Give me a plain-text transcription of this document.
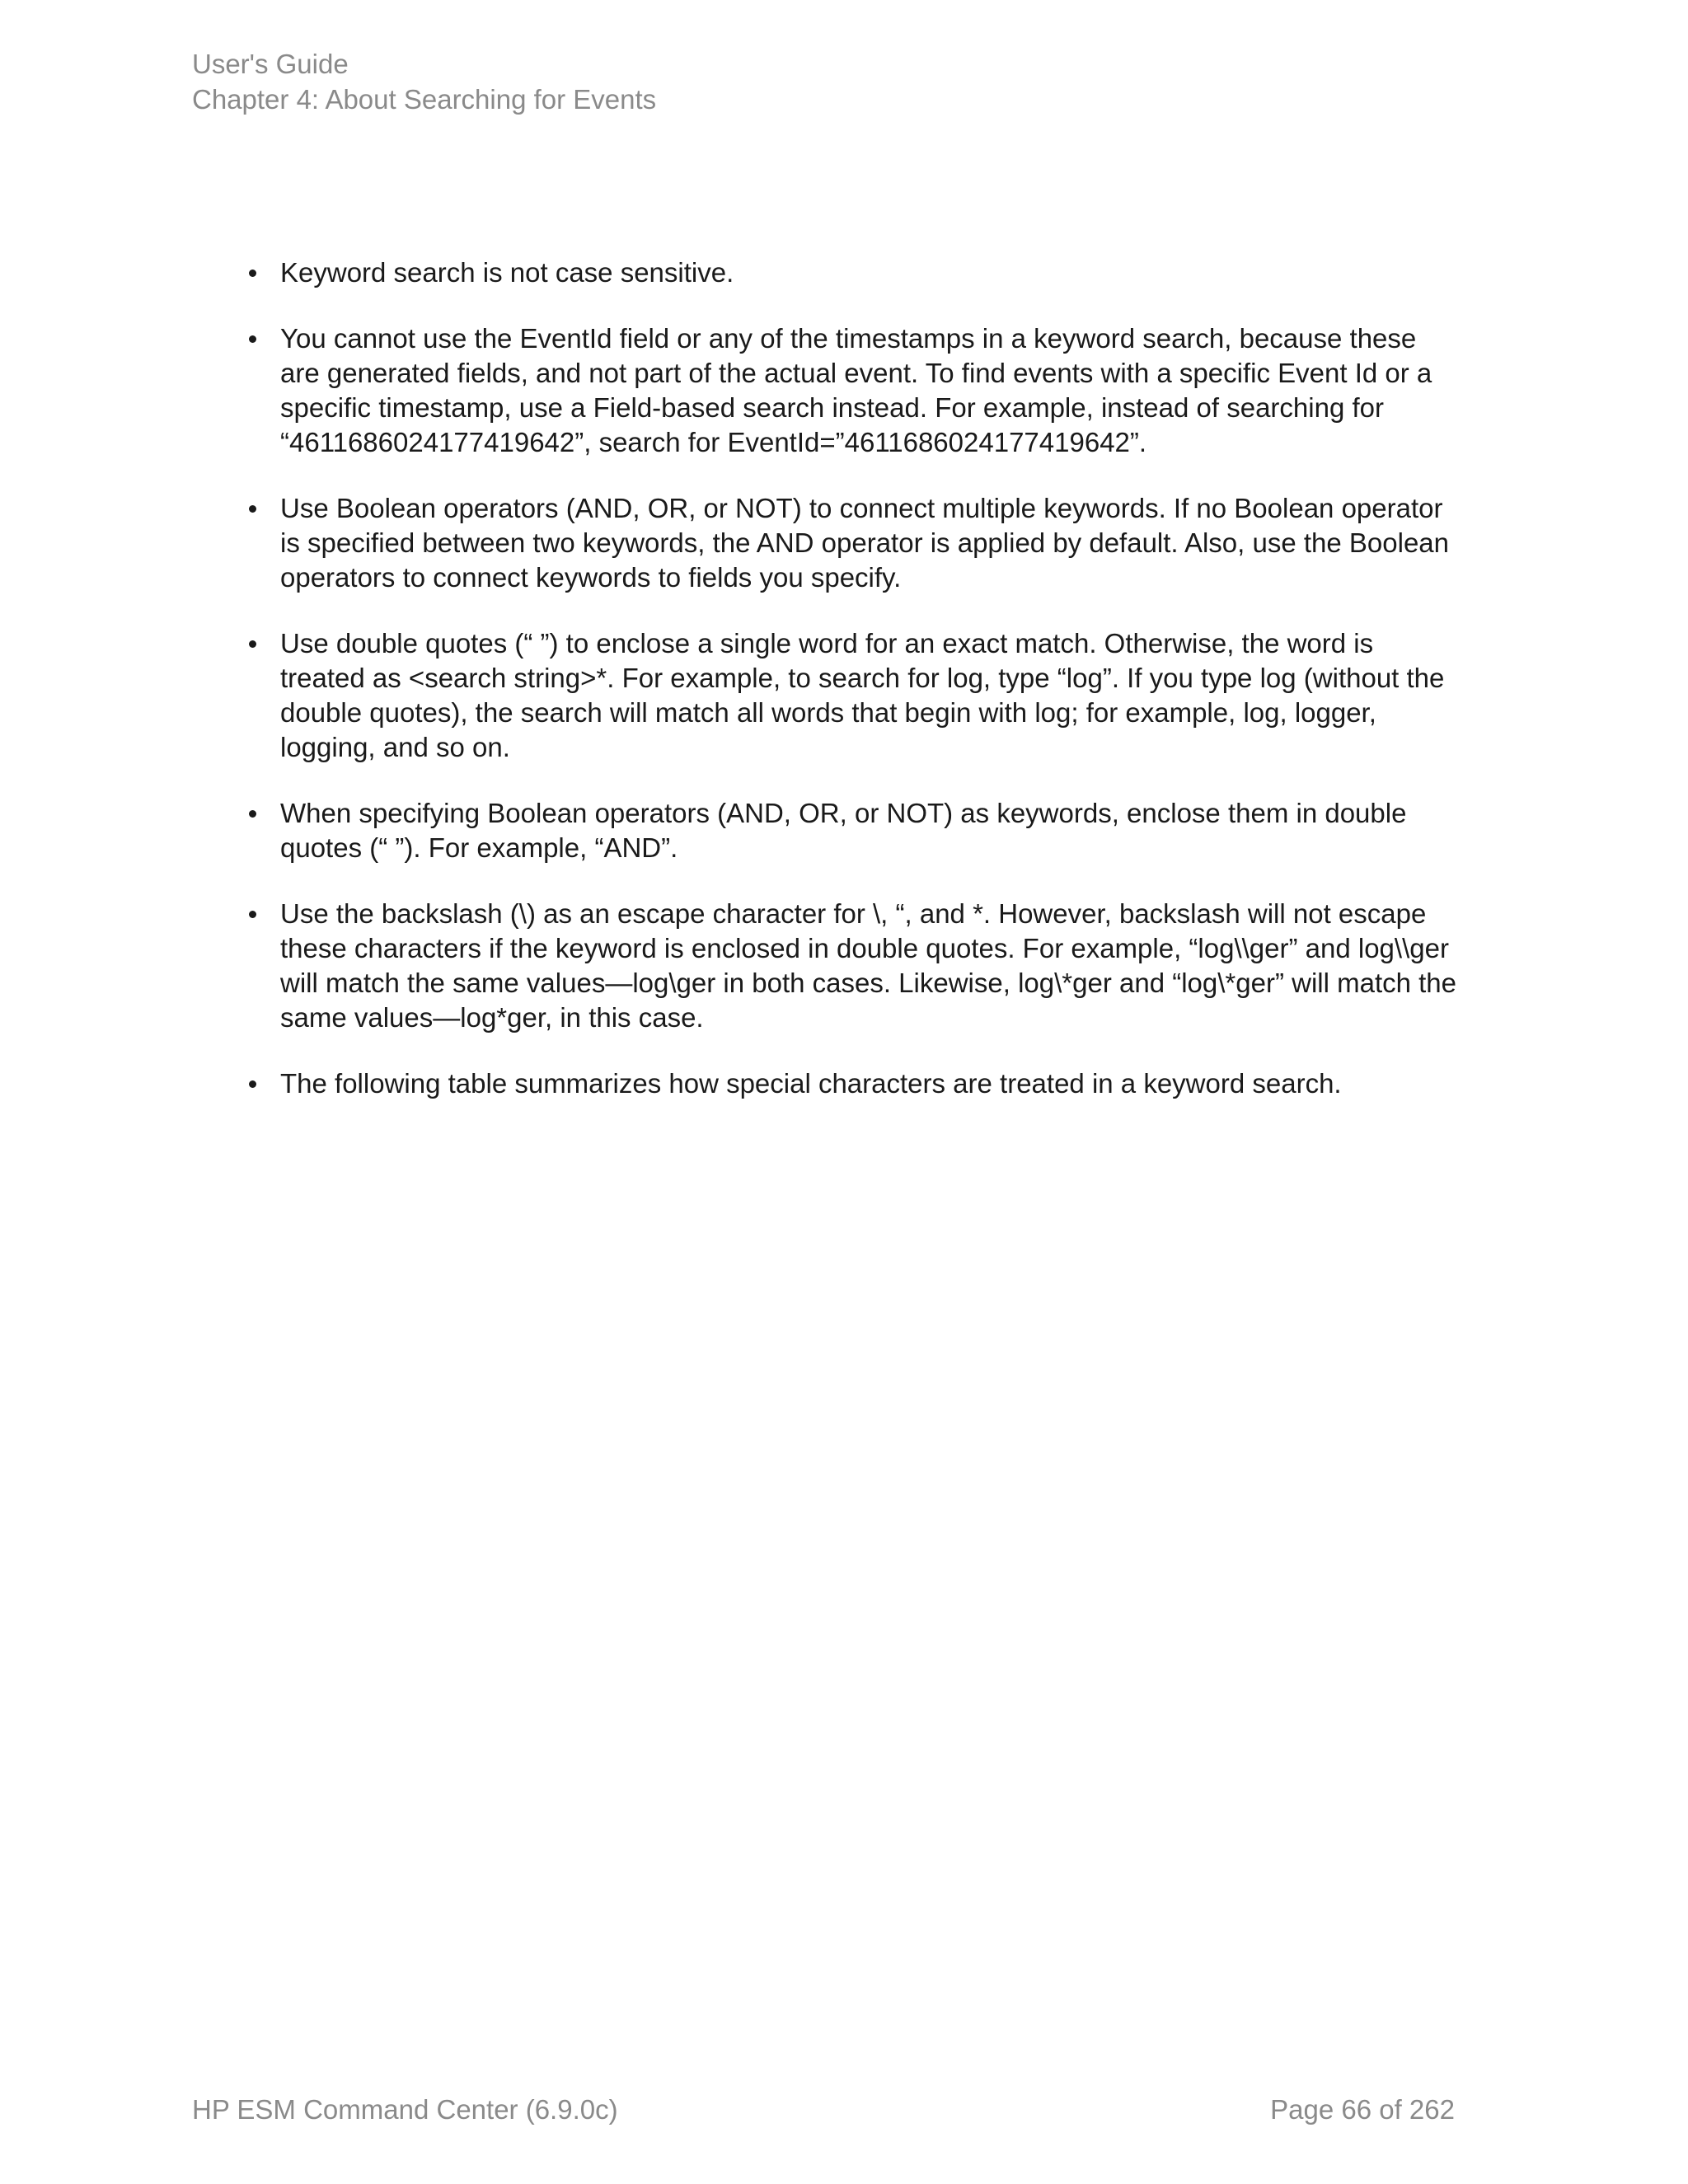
User's Guide
Chapter 4: About Searching for Events
Keyword search is not case sensitive.
You cannot use the EventId field or any of the timestamps in a keyword search, because these are generated fields, and not part of the actual event. To find events with a specific Event Id or a specific timestamp, use a Field-based search instead. For example, instead of searching for “4611686024177419642”, search for EventId=”4611686024177419642”.
Use Boolean operators (AND, OR, or NOT) to connect multiple keywords. If no Boolean operator is specified between two keywords, the AND operator is applied by default. Also, use the Boolean operators to connect keywords to fields you specify.
Use double quotes (“ ”) to enclose a single word for an exact match. Otherwise, the word is treated as <search string>*. For example, to search for log, type “log”. If you type log (without the double quotes), the search will match all words that begin with log; for example, log, logger, logging, and so on.
When specifying Boolean operators (AND, OR, or NOT) as keywords, enclose them in double quotes (“ ”). For example, “AND”.
Use the backslash (\) as an escape character for \, “, and *. However, backslash will not escape these characters if the keyword is enclosed in double quotes. For example, “log\\ger” and log\\ger will match the same values—log\ger in both cases. Likewise, log\*ger and “log\*ger” will match the same values—log*ger, in this case.
The following table summarizes how special characters are treated in a keyword search.
HP ESM Command Center (6.9.0c)	Page 66 of 262
